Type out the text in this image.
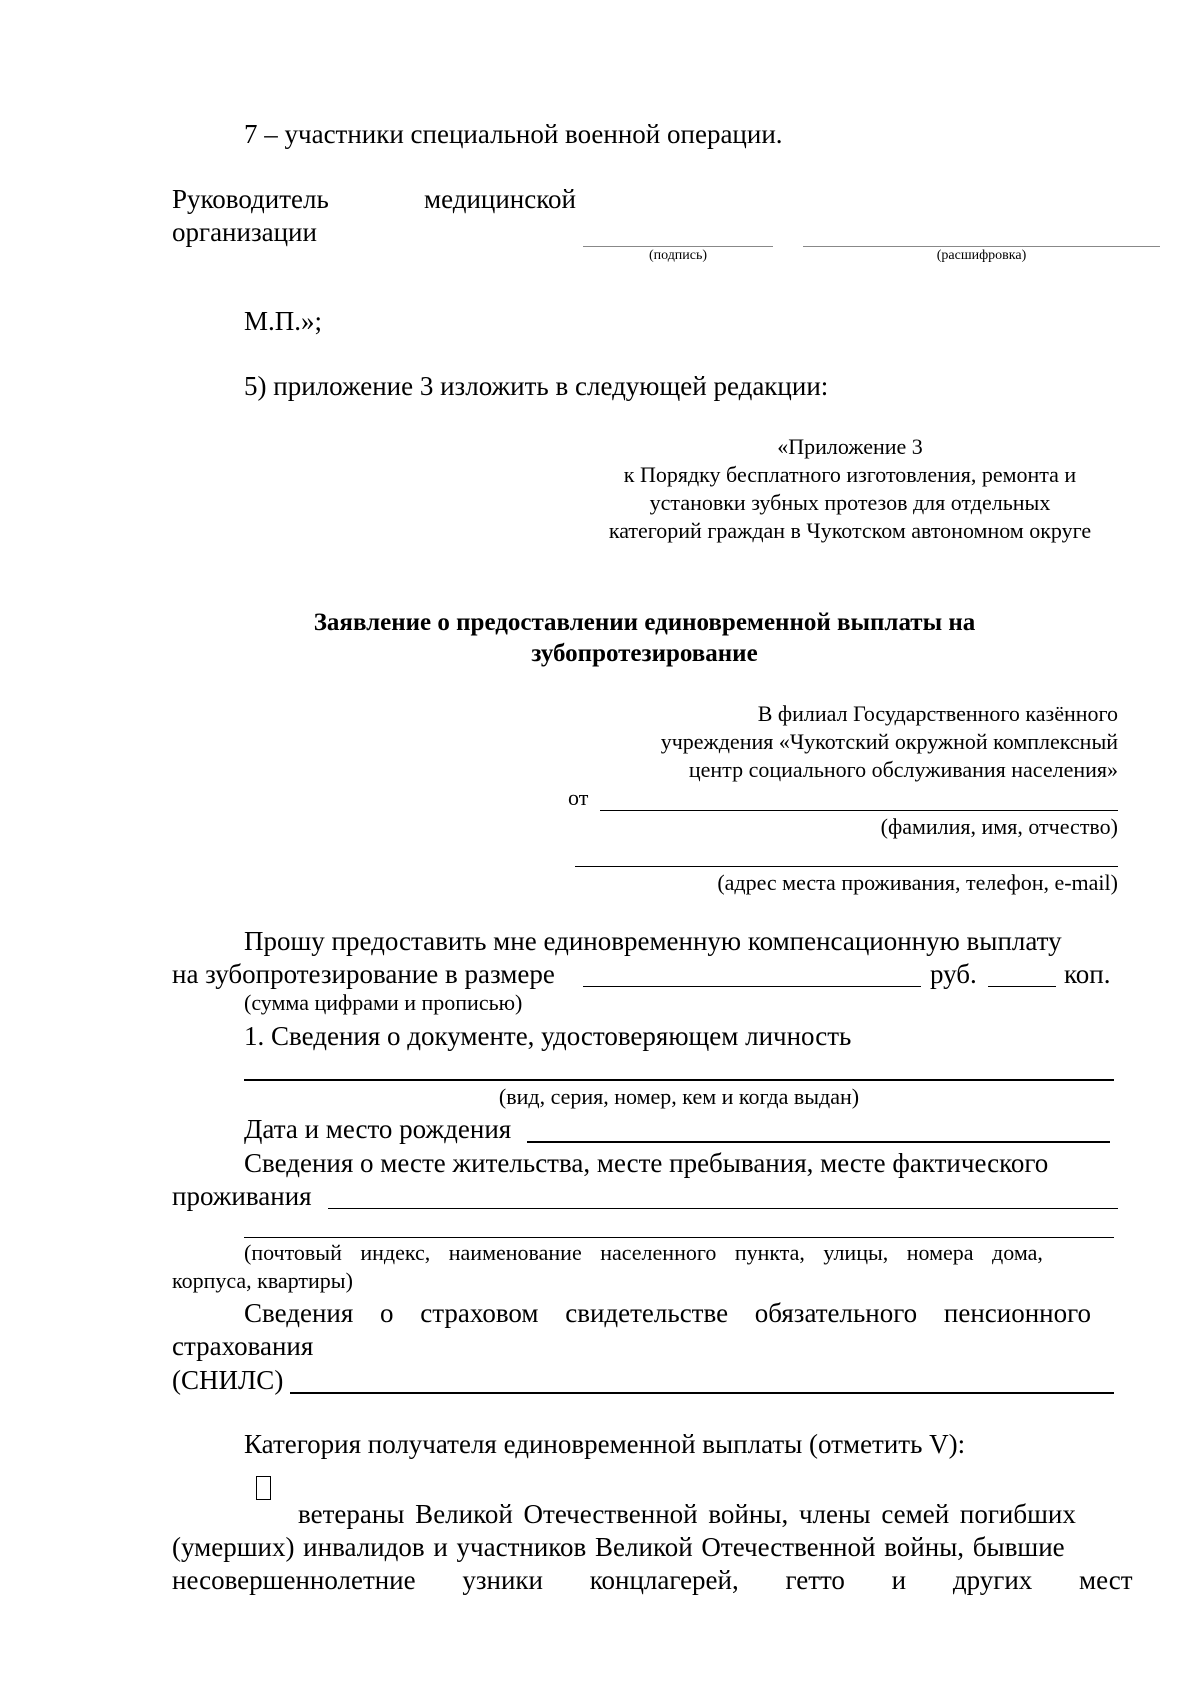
7 – участники специальной военной операции.
Руководитель	медицинской
организации
(подпись)	(расшифровка)
М.П.»;
5) приложение 3 изложить в следующей редакции:
«Приложение 3
к Порядку бесплатного изготовления, ремонта и
установки зубных протезов для отдельных
категорий граждан в Чукотском автономном округе
Заявление о предоставлении единовременной выплаты на
зубопротезирование
В филиал Государственного казённого
учреждения «Чукотский окружной комплексный
центр социального обслуживания населения»
от
(фамилия, имя, отчество)
(адрес места проживания, телефон, e-mail)
Прошу предоставить мне единовременную компенсационную выплату
на зубопротезирование в размере	руб.	коп.
(сумма цифрами и прописью)
1. Сведения о документе, удостоверяющем личность
(вид, серия, номер, кем и когда выдан)
Дата и место рождения
Сведения о месте жительства, месте пребывания, месте фактического
проживания
(почтовый индекс, наименование населенного пункта, улицы, номера дома,
корпуса, квартиры)
Сведения о страховом свидетельстве обязательного пенсионного
страхования
(СНИЛС)
Категория получателя единовременной выплаты (отметить V):
ветераны Великой Отечественной войны, члены семей погибших
(умерших) инвалидов и участников Великой Отечественной войны, бывшие
несовершеннолетние узники концлагерей, гетто и других мест
